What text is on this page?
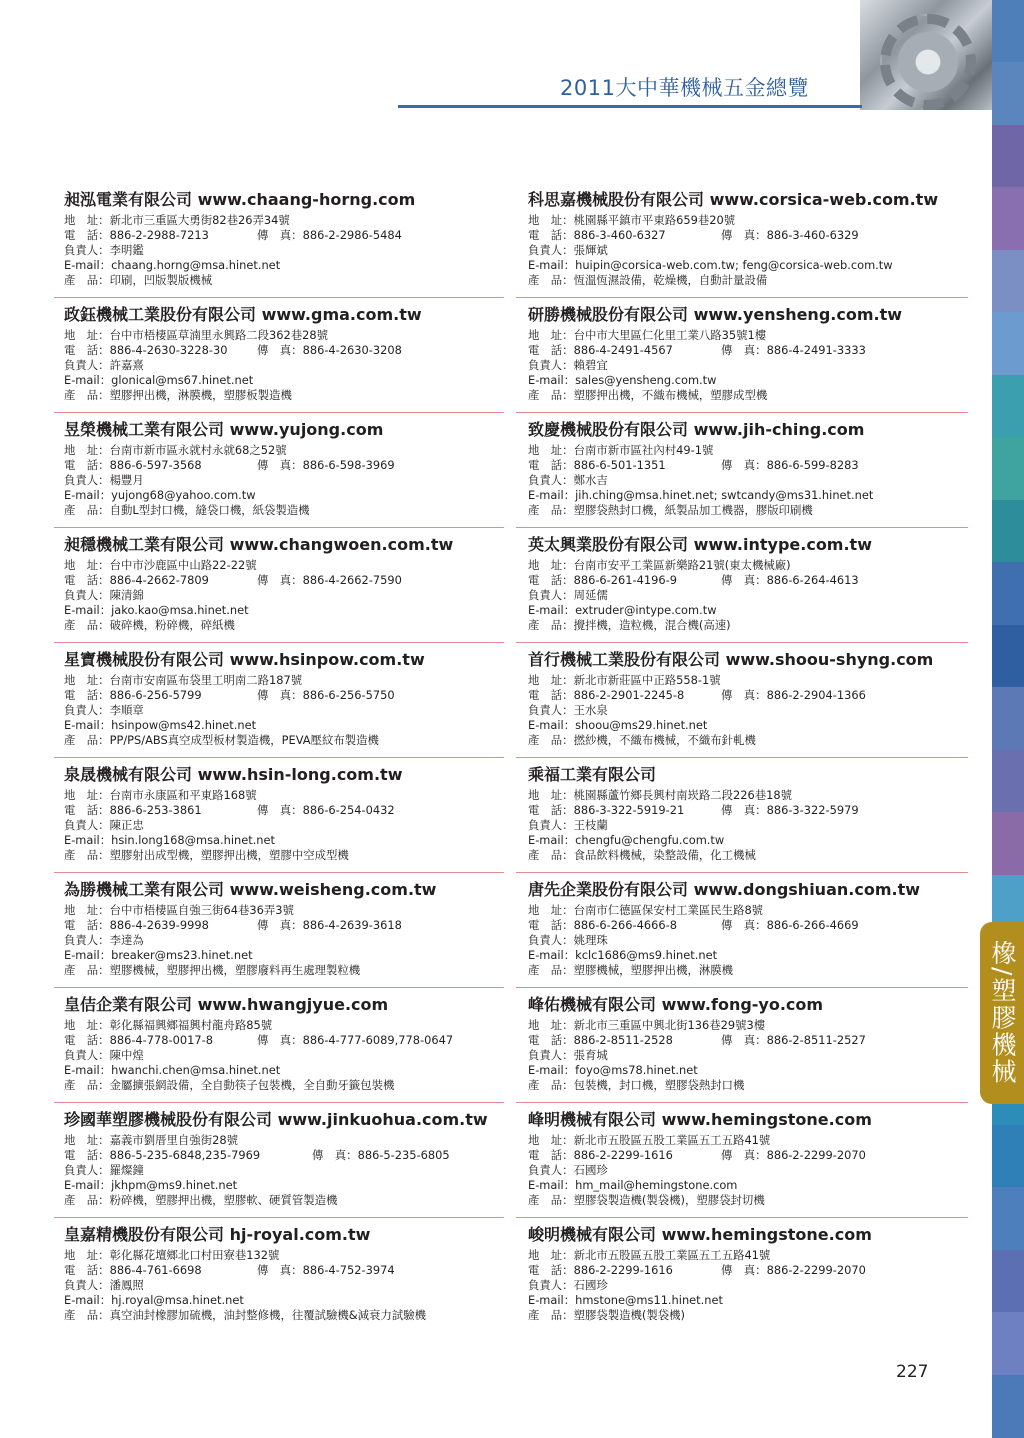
2011大中華機械五金總覽
橡/塑膠機械
昶泓電業有限公司 www.chaang-horng.com
地　址：新北市三重區大勇街82巷26弄34號
電　話：886-2-2988-7213	傳　真：886-2-2986-5484
負責人：李明鑑
E-mail：chaang.horng@msa.hinet.net
產　品：印刷，凹版製版機械
科思嘉機械股份有限公司 www.corsica-web.com.tw
地　址：桃園縣平鎮市平東路659巷20號
電　話：886-3-460-6327	傳　真：886-3-460-6329
負責人：張輝斌
E-mail：huipin@corsica-web.com.tw; feng@corsica-web.com.tw
產　品：恆溫恆濕設備，乾燥機，自動計量設備
政鈺機械工業股份有限公司 www.gma.com.tw
地　址：台中市梧棲區草湳里永興路二段362巷28號
電　話：886-4-2630-3228-30	傳　真：886-4-2630-3208
負責人：許嘉熹
E-mail：glonical@ms67.hinet.net
產　品：塑膠押出機，淋膜機，塑膠板製造機
研勝機械股份有限公司 www.yensheng.com.tw
地　址：台中市大里區仁化里工業八路35號1樓
電　話：886-4-2491-4567	傳　真：886-4-2491-3333
負責人：賴碧宜
E-mail：sales@yensheng.com.tw
產　品：塑膠押出機，不織布機械，塑膠成型機
昱榮機械工業有限公司 www.yujong.com
地　址：台南市新市區永就村永就68之52號
電　話：886-6-597-3568	傳　真：886-6-598-3969
負責人：楊豐月
E-mail：yujong68@yahoo.com.tw
產　品：自動L型封口機，縫袋口機，紙袋製造機
致慶機械股份有限公司 www.jih-ching.com
地　址：台南市新市區社內村49-1號
電　話：886-6-501-1351	傳　真：886-6-599-8283
負責人：鄭水吉
E-mail：jih.ching@msa.hinet.net; swtcandy@ms31.hinet.net
產　品：塑膠袋熱封口機，紙製品加工機器，膠版印刷機
昶穩機械工業有限公司 www.changwoen.com.tw
地　址：台中市沙鹿區中山路22-22號
電　話：886-4-2662-7809	傳　真：886-4-2662-7590
負責人：陳清錦
E-mail：jako.kao@msa.hinet.net
產　品：破碎機，粉碎機，碎紙機
英太興業股份有限公司 www.intype.com.tw
地　址：台南市安平工業區新樂路21號(東太機械廠)
電　話：886-6-261-4196-9	傳　真：886-6-264-4613
負責人：周延儒
E-mail：extruder@intype.com.tw
產　品：攪拌機，造粒機，混合機(高速)
星寶機械股份有限公司 www.hsinpow.com.tw
地　址：台南市安南區布袋里工明南二路187號
電　話：886-6-256-5799	傳　真：886-6-256-5750
負責人：李順章
E-mail：hsinpow@ms42.hinet.net
產　品：PP/PS/ABS真空成型板材製造機，PEVA壓紋布製造機
首行機械工業股份有限公司 www.shoou-shyng.com
地　址：新北市新莊區中正路558-1號
電　話：886-2-2901-2245-8	傳　真：886-2-2904-1366
負責人：王水泉
E-mail：shoou@ms29.hinet.net
產　品：撚紗機，不織布機械，不織布針軋機
泉晟機械有限公司 www.hsin-long.com.tw
地　址：台南市永康區和平東路168號
電　話：886-6-253-3861	傳　真：886-6-254-0432
負責人：陳正忠
E-mail：hsin.long168@msa.hinet.net
產　品：塑膠射出成型機，塑膠押出機，塑膠中空成型機
乘福工業有限公司
地　址：桃園縣蘆竹鄉長興村南崁路二段226巷18號
電　話：886-3-322-5919-21	傳　真：886-3-322-5979
負責人：王枝蘭
E-mail：chengfu@chengfu.com.tw
產　品：食品飲料機械，染整設備，化工機械
為勝機械工業有限公司 www.weisheng.com.tw
地　址：台中市梧棲區自強三街64巷36弄3號
電　話：886-4-2639-9998	傳　真：886-4-2639-3618
負責人：李達為
E-mail：breaker@ms23.hinet.net
產　品：塑膠機械，塑膠押出機，塑膠廢料再生處理製粒機
唐先企業股份有限公司 www.dongshiuan.com.tw
地　址：台南市仁德區保安村工業區民生路8號
電　話：886-6-266-4666-8	傳　真：886-6-266-4669
負責人：姚理珠
E-mail：kclc1686@ms9.hinet.net
產　品：塑膠機械，塑膠押出機，淋膜機
皇佶企業有限公司 www.hwangjyue.com
地　址：彰化縣福興鄉福興村龍舟路85號
電　話：886-4-778-0017-8	傳　真：886-4-777-6089,778-0647
負責人：陳中煌
E-mail：hwanchi.chen@msa.hinet.net
產　品：金屬擴張網設備，全自動筷子包裝機，全自動牙籤包裝機
峰佑機械有限公司 www.fong-yo.com
地　址：新北市三重區中興北街136巷29號3樓
電　話：886-2-8511-2528	傳　真：886-2-8511-2527
負責人：張育城
E-mail：foyo@ms78.hinet.net
產　品：包裝機，封口機，塑膠袋熱封口機
珍國華塑膠機械股份有限公司 www.jinkuohua.com.tw
地　址：嘉義市劉厝里自強街28號
電　話：886-5-235-6848,235-7969	傳　真：886-5-235-6805
負責人：羅燦鐘
E-mail：jkhpm@ms9.hinet.net
產　品：粉碎機，塑膠押出機，塑膠軟、硬質管製造機
峰明機械有限公司 www.hemingstone.com
地　址：新北市五股區五股工業區五工五路41號
電　話：886-2-2299-1616	傳　真：886-2-2299-2070
負責人：石國珍
E-mail：hm_mail@hemingstone.com
產　品：塑膠袋製造機(製袋機)，塑膠袋封切機
皇嘉精機股份有限公司 hj-royal.com.tw
地　址：彰化縣花壇鄉北口村田寮巷132號
電　話：886-4-761-6698	傳　真：886-4-752-3974
負責人：潘鳳照
E-mail：hj.royal@msa.hinet.net
產　品：真空油封橡膠加硫機，油封整修機，往覆試驗機&減衰力試驗機
峻明機械有限公司 www.hemingstone.com
地　址：新北市五股區五股工業區五工五路41號
電　話：886-2-2299-1616	傳　真：886-2-2299-2070
負責人：石國珍
E-mail：hmstone@ms11.hinet.net
產　品：塑膠袋製造機(製袋機)
227
